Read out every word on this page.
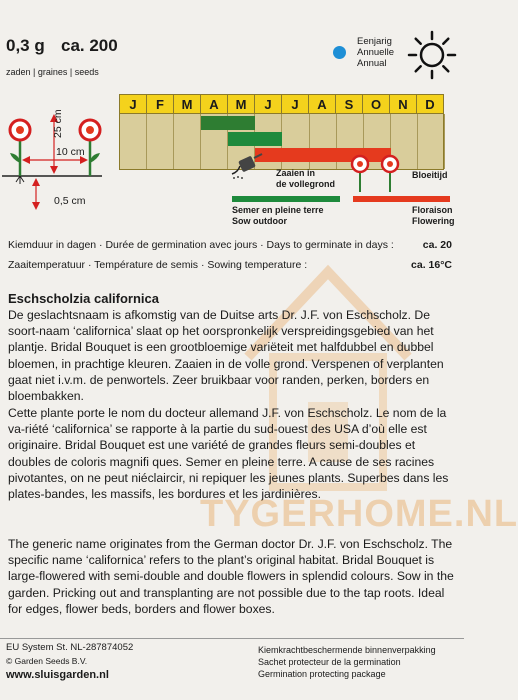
0,3 g ca. 200
zaden | graines | seeds
Eenjarig
Annuelle
Annual
25 cm
10 cm
0,5 cm
J	F	M	A	M	J	J	A	S	O	N	D
Zaaien in
de vollegrond
Semer en pleine terre
Sow outdoor
Bloeitijd
Floraison
Flowering
Kiemduur in dagen · Durée de germination avec jours · Days to germinate in days :	ca. 20
Zaaitemperatuur · Température de semis · Sowing temperature :	ca. 16°C
Eschscholzia californica
De geslachtsnaam is afkomstig van de Duitse arts Dr. J.F. von Eschscholz. De soort-naam ‘californica’ slaat op het oorspronkelijk verspreidingsgebied van het plantje. Bridal Bouquet is een grootbloemige variëteit met halfdubbel en dubbel bloemen, in prachtige kleuren. Zaaien in de volle grond. Verspenen of verplanten gaat niet i.v.m. de penwortels. Zeer bruikbaar voor randen, perken, borders en bloembakken.
Cette plante porte le nom du docteur allemand J.F. von Eschscholz. Le nom de la va-riété ‘californica’ se rapporte à la partie du sud-ouest des USA d’où elle est originaire. Bridal Bouquet est une variété de grandes fleurs semi-doubles et doubles de coloris magnifi ques. Semer en pleine terre. A cause de ses racines pivotantes, on ne peut niéclaircir, ni repiquer les jeunes plants. Superbes dans les plates-bandes, les massifs, les bordures et les jardinières.
The generic name originates from the German doctor Dr. J.F. von Eschscholz. The specific name ‘californica’ refers to the plant’s original habitat. Bridal Bouquet is large-flowered with semi-double and double flowers in splendid colours. Sow in the garden. Pricking out and transplanting are not possible due to the tap roots. Ideal for edges, flower beds, borders and flower boxes.
TYGERHOME.NL
EU System St. NL-287874052
© Garden Seeds B.V.
www.sluisgarden.nl
Kiemkrachtbeschermende binnenverpakking
Sachet protecteur de la germination
Germination protecting package
